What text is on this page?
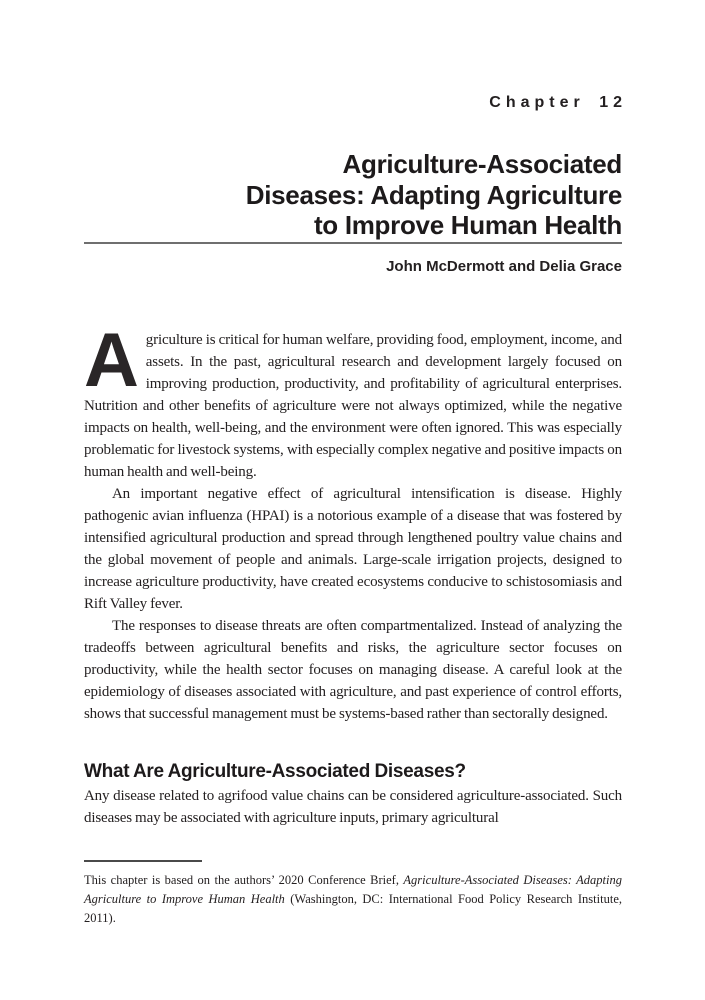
Chapter 12
Agriculture-Associated
Diseases: Adapting Agriculture
to Improve Human Health
John McDermott and Delia Grace

Agriculture is critical for human welfare, providing food, employment, income, and assets. In the past, agricultural research and development largely focused on improving production, productivity, and profitability of agricultural enterprises. Nutrition and other benefits of agriculture were not always optimized, while the negative impacts on health, well-being, and the environment were often ignored. This was especially problematic for livestock systems, with especially complex negative and positive impacts on human health and well-being.

An important negative effect of agricultural intensification is disease. Highly pathogenic avian influenza (HPAI) is a notorious example of a disease that was fostered by intensified agricultural production and spread through lengthened poultry value chains and the global movement of people and animals. Large-scale irrigation projects, designed to increase agriculture productivity, have created ecosystems conducive to schistosomiasis and Rift Valley fever.

The responses to disease threats are often compartmentalized. Instead of analyzing the tradeoffs between agricultural benefits and risks, the agriculture sector focuses on productivity, while the health sector focuses on managing disease. A careful look at the epidemiology of diseases associated with agriculture, and past experience of control efforts, shows that successful management must be systems-based rather than sectorally designed.

What Are Agriculture-Associated Diseases?

Any disease related to agrifood value chains can be considered agriculture-associated. Such diseases may be associated with agriculture inputs, primary agricultural

This chapter is based on the authors’ 2020 Conference Brief, Agriculture-Associated Diseases: Adapting Agriculture to Improve Human Health (Washington, DC: International Food Policy Research Institute, 2011).
